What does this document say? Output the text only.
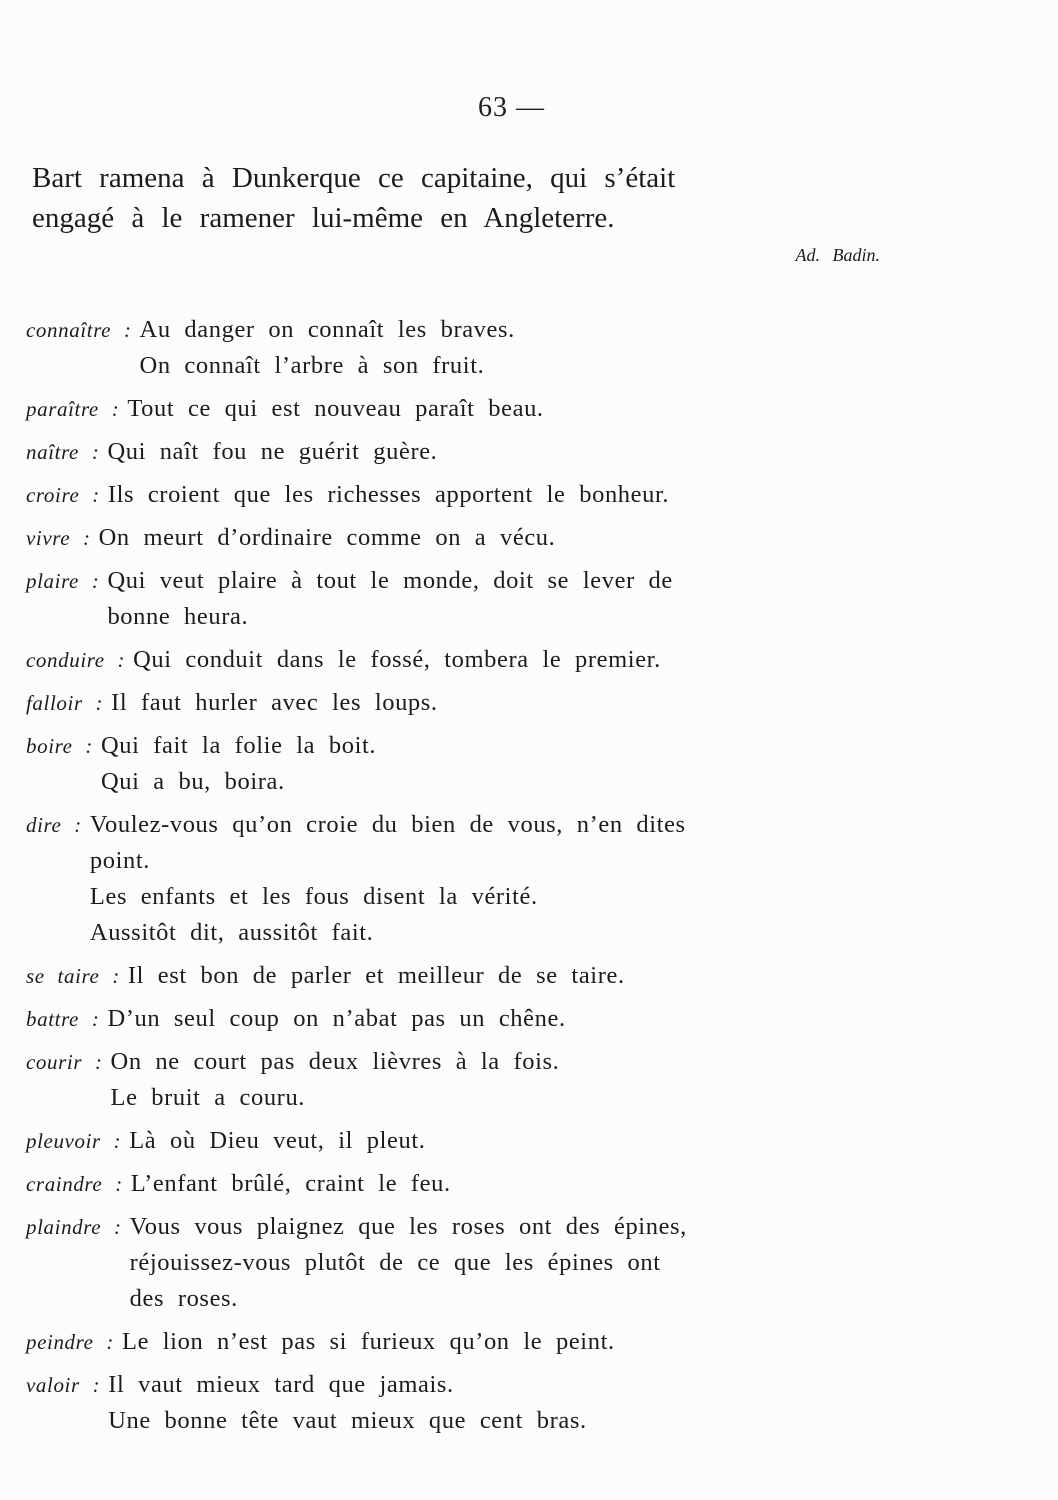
63 —
Bart ramena à Dunkerque ce capitaine, qui s’était
engagé à le ramener lui-même en Angleterre.
Ad. Badin.
connaître : Au danger on connaît les braves.
On connaît l’arbre à son fruit.
paraître : Tout ce qui est nouveau paraît beau.
naître : Qui naît fou ne guérit guère.
croire : Ils croient que les richesses apportent le bonheur.
vivre : On meurt d’ordinaire comme on a vécu.
plaire : Qui veut plaire à tout le monde, doit se lever de
bonne heura.
conduire : Qui conduit dans le fossé, tombera le premier.
falloir : Il faut hurler avec les loups.
boire : Qui fait la folie la boit.
Qui a bu, boira.
dire : Voulez-vous qu’on croie du bien de vous, n’en dites
point.
Les enfants et les fous disent la vérité.
Aussitôt dit, aussitôt fait.
se taire : Il est bon de parler et meilleur de se taire.
battre : D’un seul coup on n’abat pas un chêne.
courir : On ne court pas deux lièvres à la fois.
Le bruit a couru.
pleuvoir : Là où Dieu veut, il pleut.
craindre : L’enfant brûlé, craint le feu.
plaindre : Vous vous plaignez que les roses ont des épines,
réjouissez-vous plutôt de ce que les épines ont
des roses.
peindre : Le lion n’est pas si furieux qu’on le peint.
valoir : Il vaut mieux tard que jamais.
Une bonne tête vaut mieux que cent bras.
